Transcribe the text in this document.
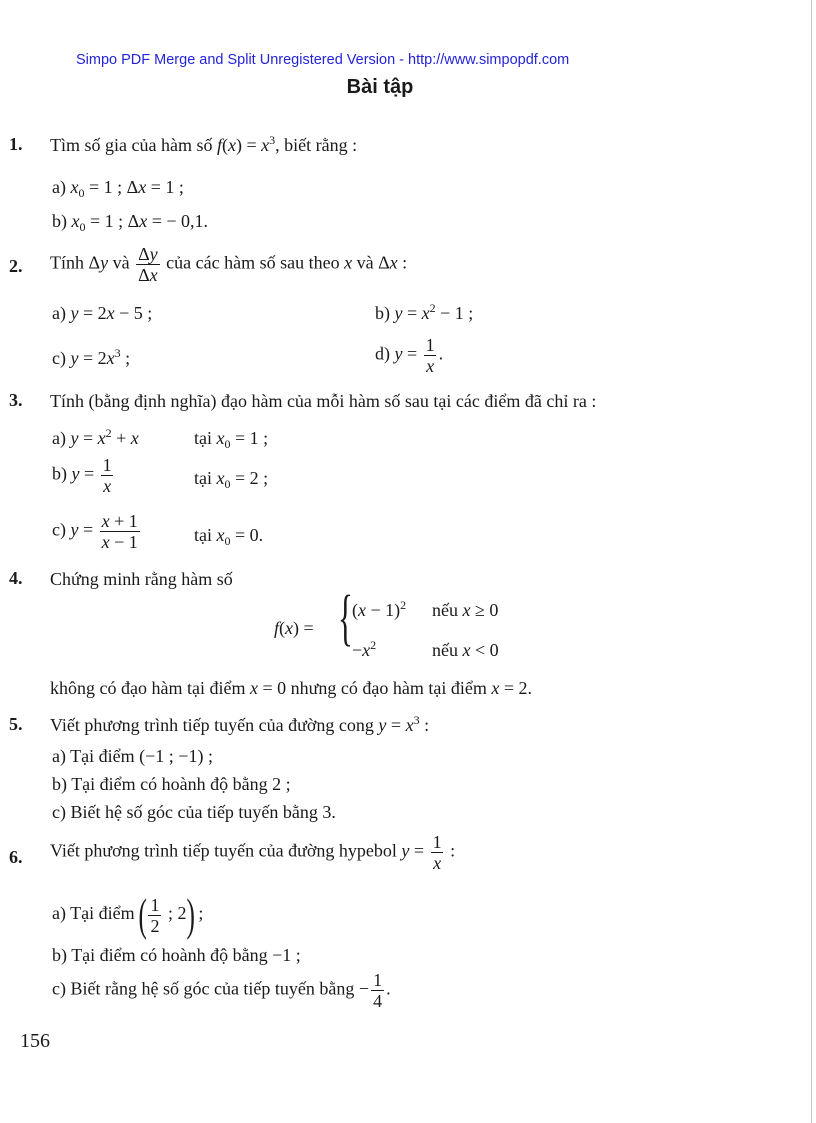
Simpo PDF Merge and Split Unregistered Version - http://www.simpopdf.com
Bài tập
1. Tìm số gia của hàm số $f(x) = x^3$, biết rằng :
a) $x_0 = 1$ ; Δx = 1 ;
b) $x_0 = 1$ ; Δx = − 0,1.
2. Tính Δy và $\frac{\Delta y}{\Delta x}$ của các hàm số sau theo x và Δx :
a) y = 2x − 5 ;	b) $y = x^2 - 1$ ;
c) $y = 2x^3$ ;	d) $y = \frac{1}{x}$ .
3. Tính (bằng định nghĩa) đạo hàm của mỗi hàm số sau tại các điểm đã chỉ ra :
a) $y = x^2 + x$	tại $x_0 = 1$ ;
b) $y = \frac{1}{x}$	tại $x_0 = 2$ ;
c) $y = \frac{x + 1}{x - 1}$	tại $x_0 = 0$.
4. Chứng minh rằng hàm số
f(x) = { $(x - 1)^2$ nếu x ≥ 0
$-x^2$	nếu x < 0
không có đạo hàm tại điểm x = 0 nhưng có đạo hàm tại điểm x = 2.
5. Viết phương trình tiếp tuyến của đường cong $y = x^3$ :
a) Tại điểm (−1 ; −1) ;
b) Tại điểm có hoành độ bằng 2 ;
c) Biết hệ số góc của tiếp tuyến bằng 3.
6. Viết phương trình tiếp tuyến của đường hypebol $y = \frac{1}{x}$ :
a) Tại điểm ( $\frac{1}{2}$ ; 2) ;
b) Tại điểm có hoành độ bằng −1 ;
c) Biết rằng hệ số góc của tiếp tuyến bằng − $\frac{1}{4}$ .
156
